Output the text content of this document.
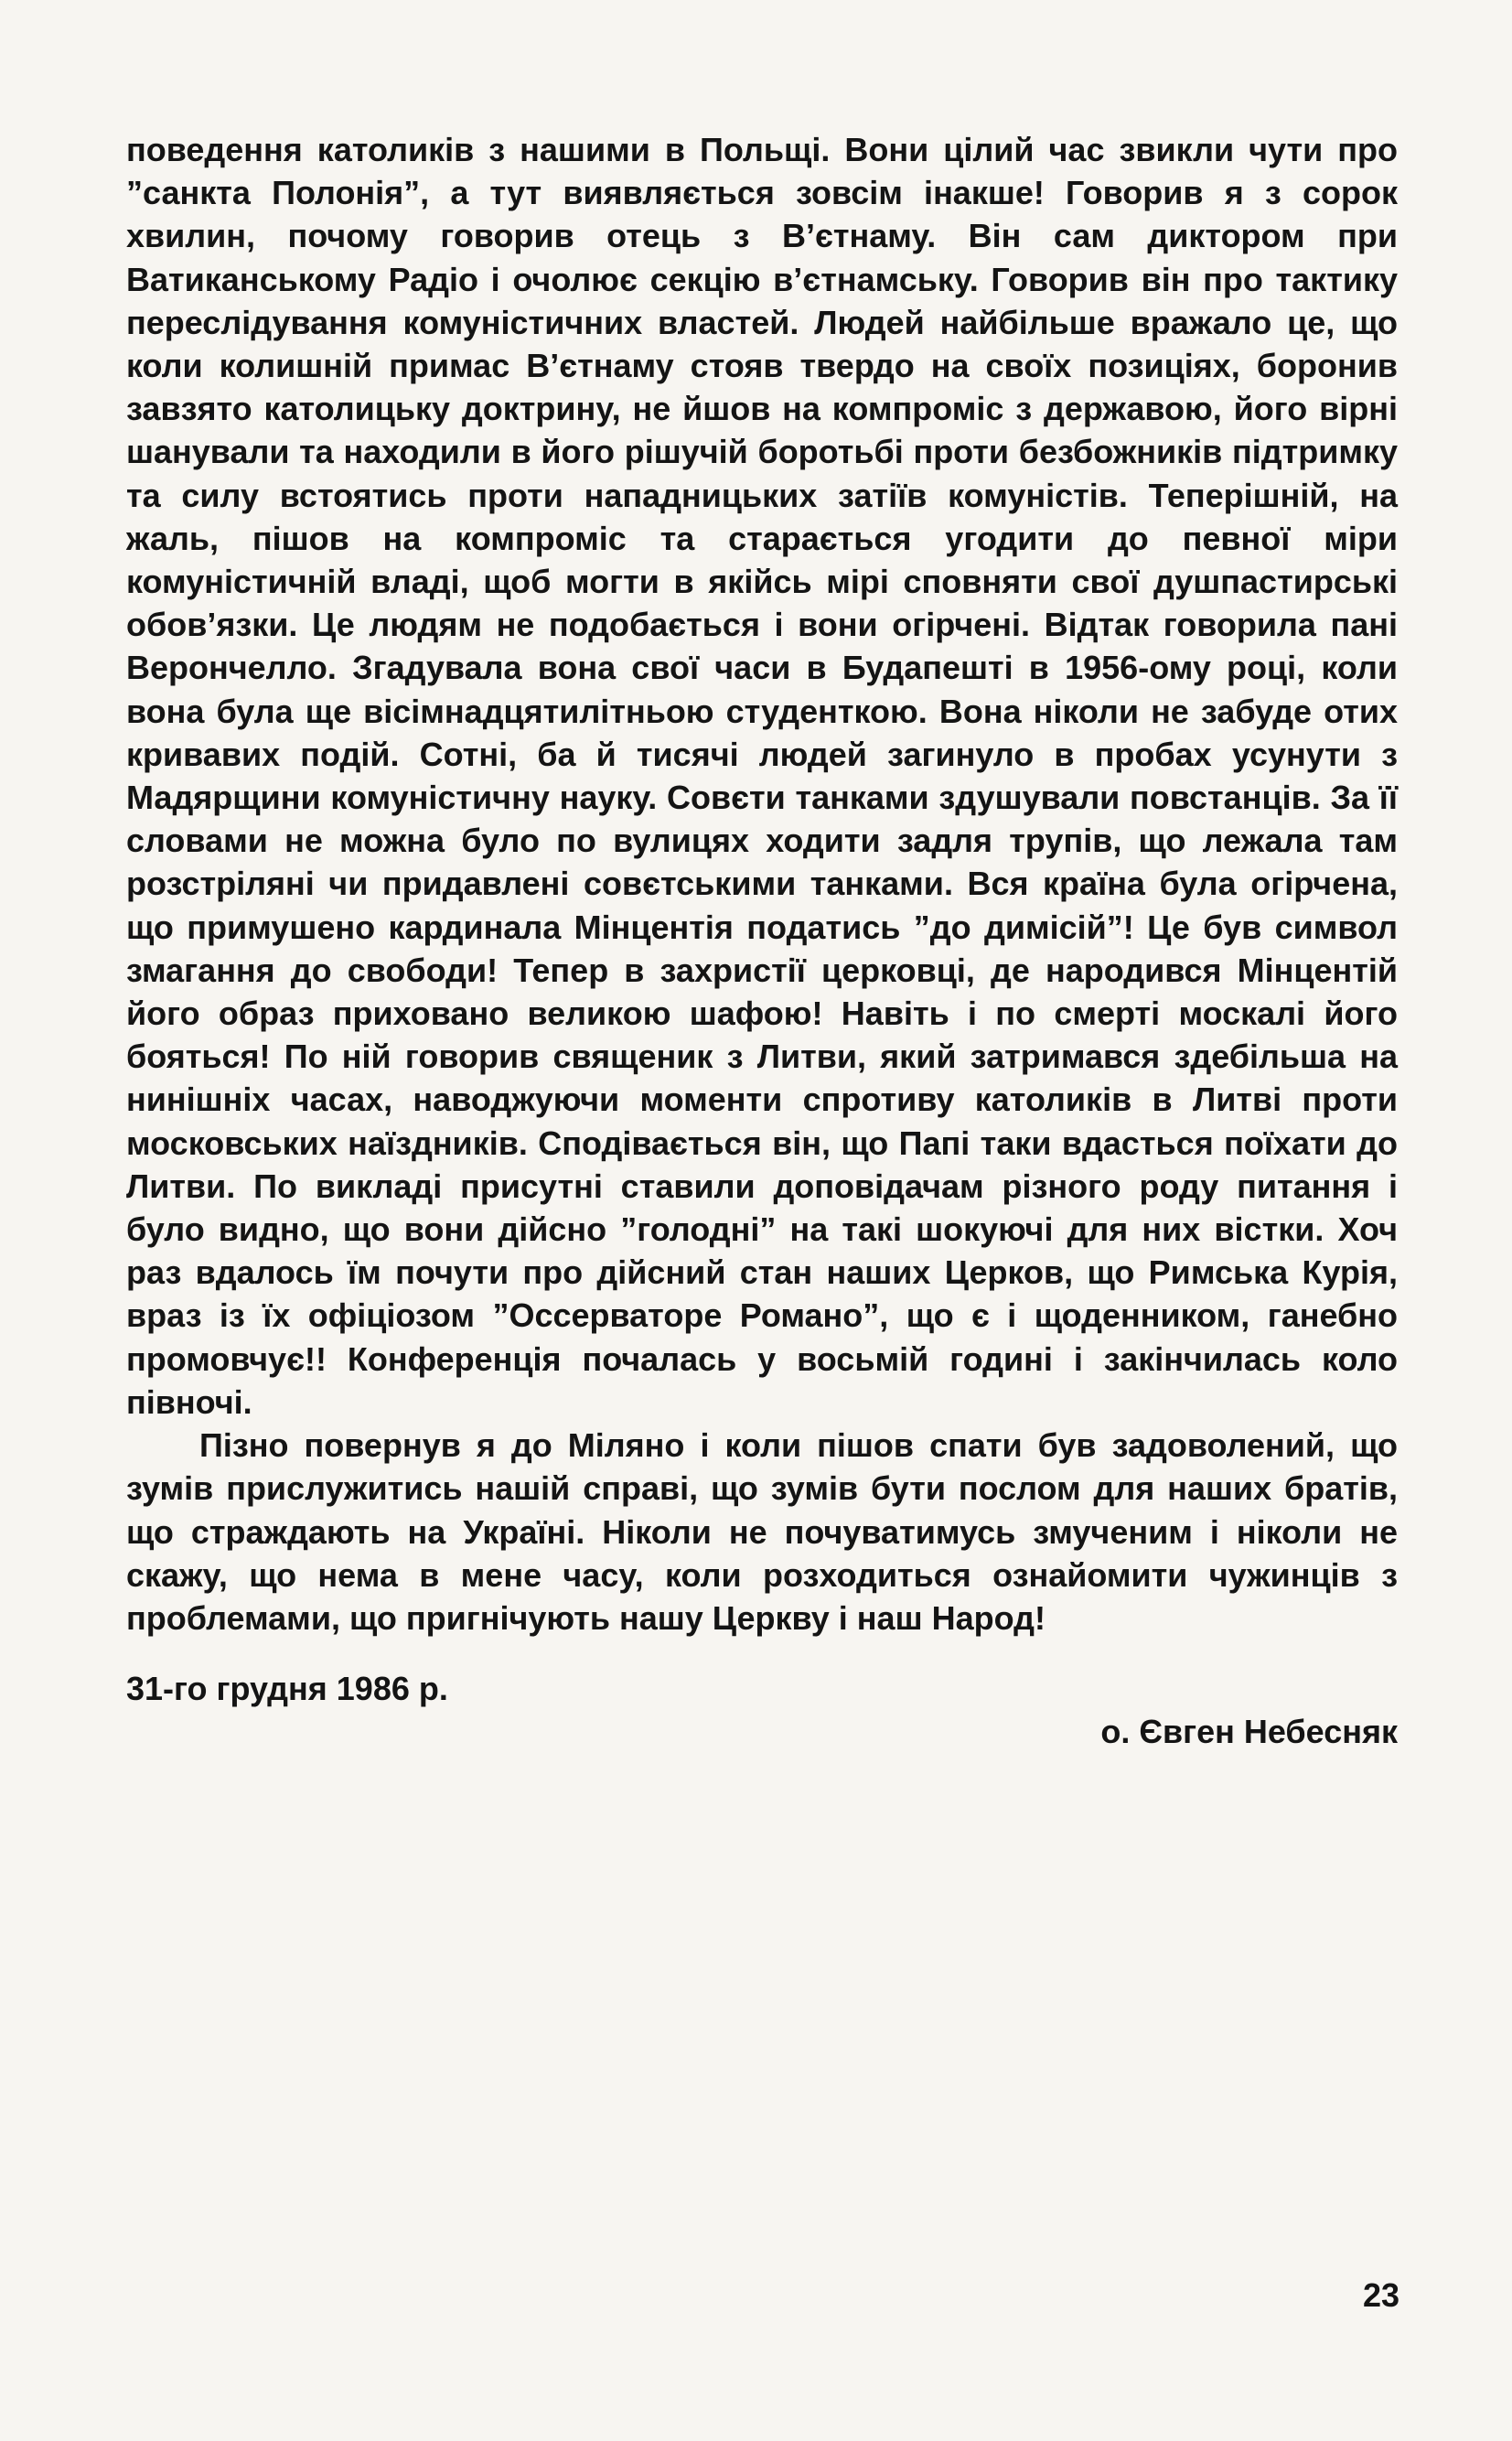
поведення католиків з нашими в Польщі. Вони цілий час звикли чути про ”санкта Полонія”, а тут виявляється зовсім інакше! Говорив я з сорок хвилин, почому говорив отець з В’єтнаму. Він сам диктором при Ватиканському Радіо і очолює секцію в’єтнамську. Говорив він про тактику переслідування комуністичних властей. Людей найбільше вражало це, що коли колишній примас В’єтнаму стояв твердо на своїх позиціях, боронив завзято католицьку доктрину, не йшов на компроміс з державою, його вірні шанували та находили в його рішучій боротьбі проти безбожників підтримку та силу встоятись проти нападницьких затіїв комуністів. Теперішній, на жаль, пішов на компроміс та старається угодити до певної міри комуністичній владі, щоб могти в якійсь мірі сповняти свої душпастирські обов’язки. Це людям не подобається і вони огірчені. Відтак говорила пані Верончелло. Згадувала вона свої часи в Будапешті в 1956-ому році, коли вона була ще вісімнадцятилітньою студенткою. Вона ніколи не забуде отих кривавих подій. Сотні, ба й тисячі людей загинуло в пробах усунути з Мадярщини комуністичну науку. Совєти танками здушували повстанців. За її словами не можна було по вулицях ходити задля трупів, що лежала там розстріляні чи придавлені совєтськими танками. Вся країна була огірчена, що примушено кардинала Мінцентія податись ”до димісій”! Це був символ змагання до свободи! Тепер в захристії церковці, де народився Мінцентій його образ приховано великою шафою! Навіть і по смерті москалі його бояться! По ній говорив священик з Литви, який затримався здебільша на нинішніх часах, наводжуючи моменти спротиву католиків в Литві проти московських наїздників. Сподівається він, що Папі таки вдасться поїхати до Литви. По викладі присутні ставили доповідачам різного роду питання і було видно, що вони дійсно ”голодні” на такі шокуючі для них вістки. Хоч раз вдалось їм почути про дійсний стан наших Церков, що Римська Курія, враз із їх офіціозом ”Оссерваторе Романо”, що є і щоденником, ганебно промовчує!! Конференція почалась у восьмій годині і закінчилась коло півночі.

Пізно повернув я до Міляно і коли пішов спати був задоволений, що зумів прислужитись нашій справі, що зумів бути послом для наших братів, що страждають на Україні. Ніколи не почуватимусь змученим і ніколи не скажу, що нема в мене часу, коли розходиться ознайомити чужинців з проблемами, що пригнічують нашу Церкву і наш Народ!

31-го грудня 1986 р.

о. Євген Небесняк

23
